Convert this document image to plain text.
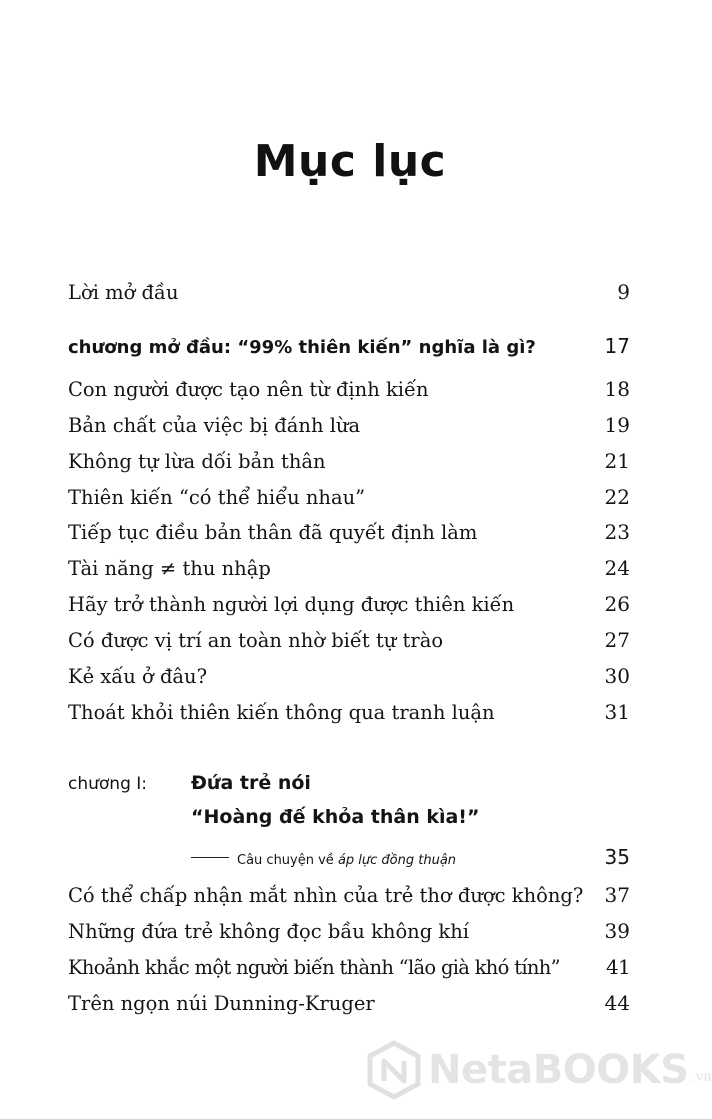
Mục lục
Lời mở đầu	9
chương mở đầu: “99% thiên kiến” nghĩa là gì?	17
Con người được tạo nên từ định kiến	18
Bản chất của việc bị đánh lừa	19
Không tự lừa dối bản thân	21
Thiên kiến “có thể hiểu nhau”	22
Tiếp tục điều bản thân đã quyết định làm	23
Tài năng ≠ thu nhập	24
Hãy trở thành người lợi dụng được thiên kiến	26
Có được vị trí an toàn nhờ biết tự trào	27
Kẻ xấu ở đâu?	30
Thoát khỏi thiên kiến thông qua tranh luận	31
chương I: Đứa trẻ nói
“Hoàng đế khỏa thân kìa!”
Câu chuyện về áp lực đồng thuận	35
Có thể chấp nhận mắt nhìn của trẻ thơ được không? 37
Những đứa trẻ không đọc bầu không khí	39
Khoảnh khắc một người biến thành “lão già khó tính” 41
Trên ngọn núi Dunning-Kruger	44
NetaBOOKS .vn
